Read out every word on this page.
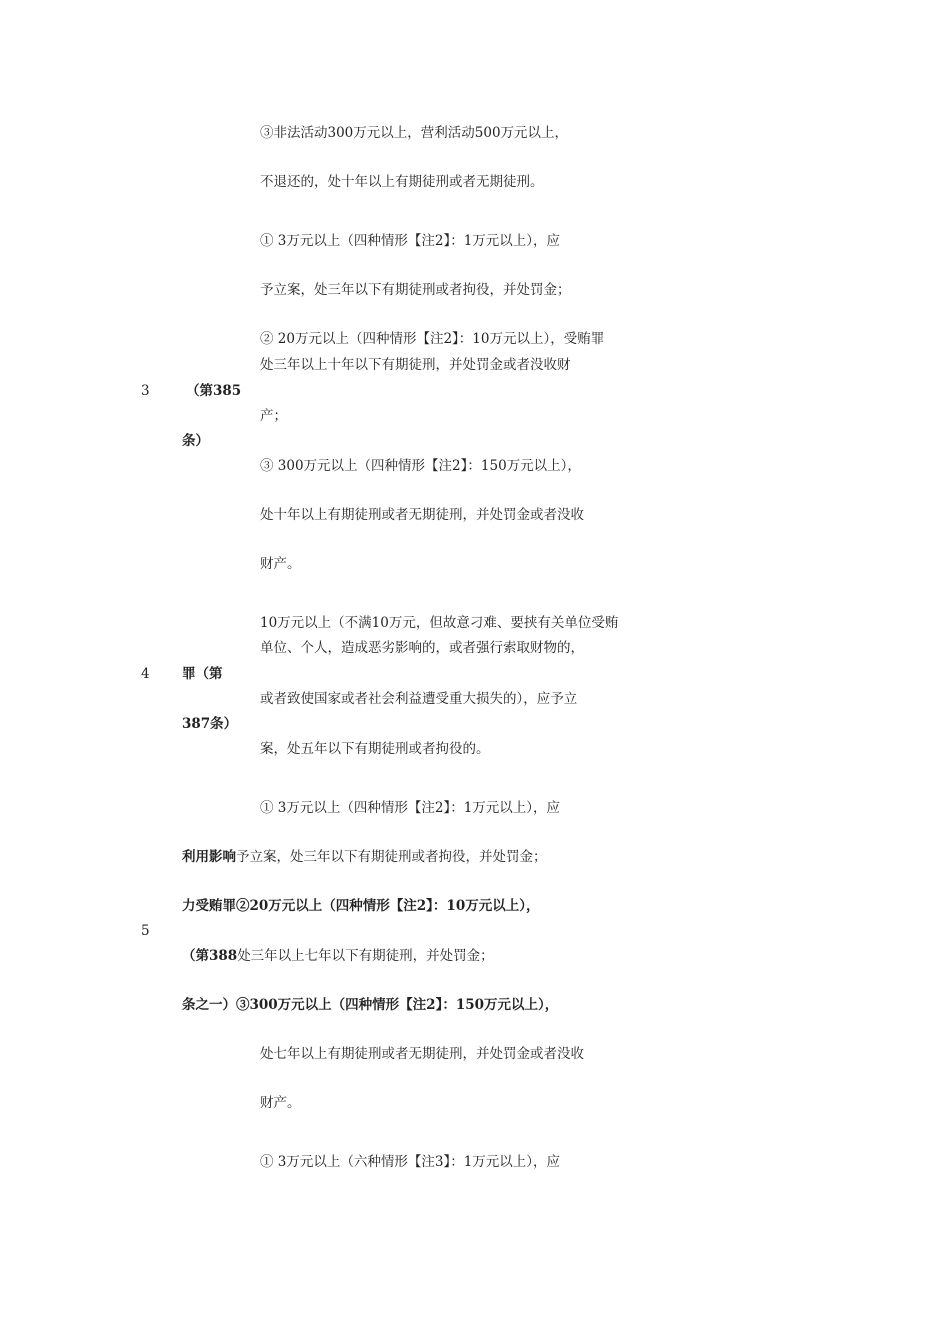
③非法活动300万元以上，营利活动500万元以上，
不退还的，处十年以上有期徒刑或者无期徒刑。
① 3万元以上（四种情形【注2】：1万元以上），应
予立案，处三年以下有期徒刑或者拘役，并处罚金；
② 20万元以上（四种情形【注2】：10万元以上），受贿罪
处三年以上十年以下有期徒刑，并处罚金或者没收财
3	（第385
产；
条）
③ 300万元以上（四种情形【注2】：150万元以上），
处十年以上有期徒刑或者无期徒刑，并处罚金或者没收
财产。
10万元以上（不满10万元，但故意刁难、要挟有关单位受贿
单位、个人，造成恶劣影响的，或者强行索取财物的，
4 罪（第
或者致使国家或者社会利益遭受重大损失的），应予立
387条）
案，处五年以下有期徒刑或者拘役的。
① 3万元以上（四种情形【注2】：1万元以上），应
利用影响予立案，处三年以下有期徒刑或者拘役，并处罚金；
力受贿罪②20万元以上（四种情形【注2】：10万元以上），
5
（第388处三年以上七年以下有期徒刑，并处罚金；
条之一）③300万元以上（四种情形【注2】：150万元以上），
处七年以上有期徒刑或者无期徒刑，并处罚金或者没收
财产。
① 3万元以上（六种情形【注3】：1万元以上），应
